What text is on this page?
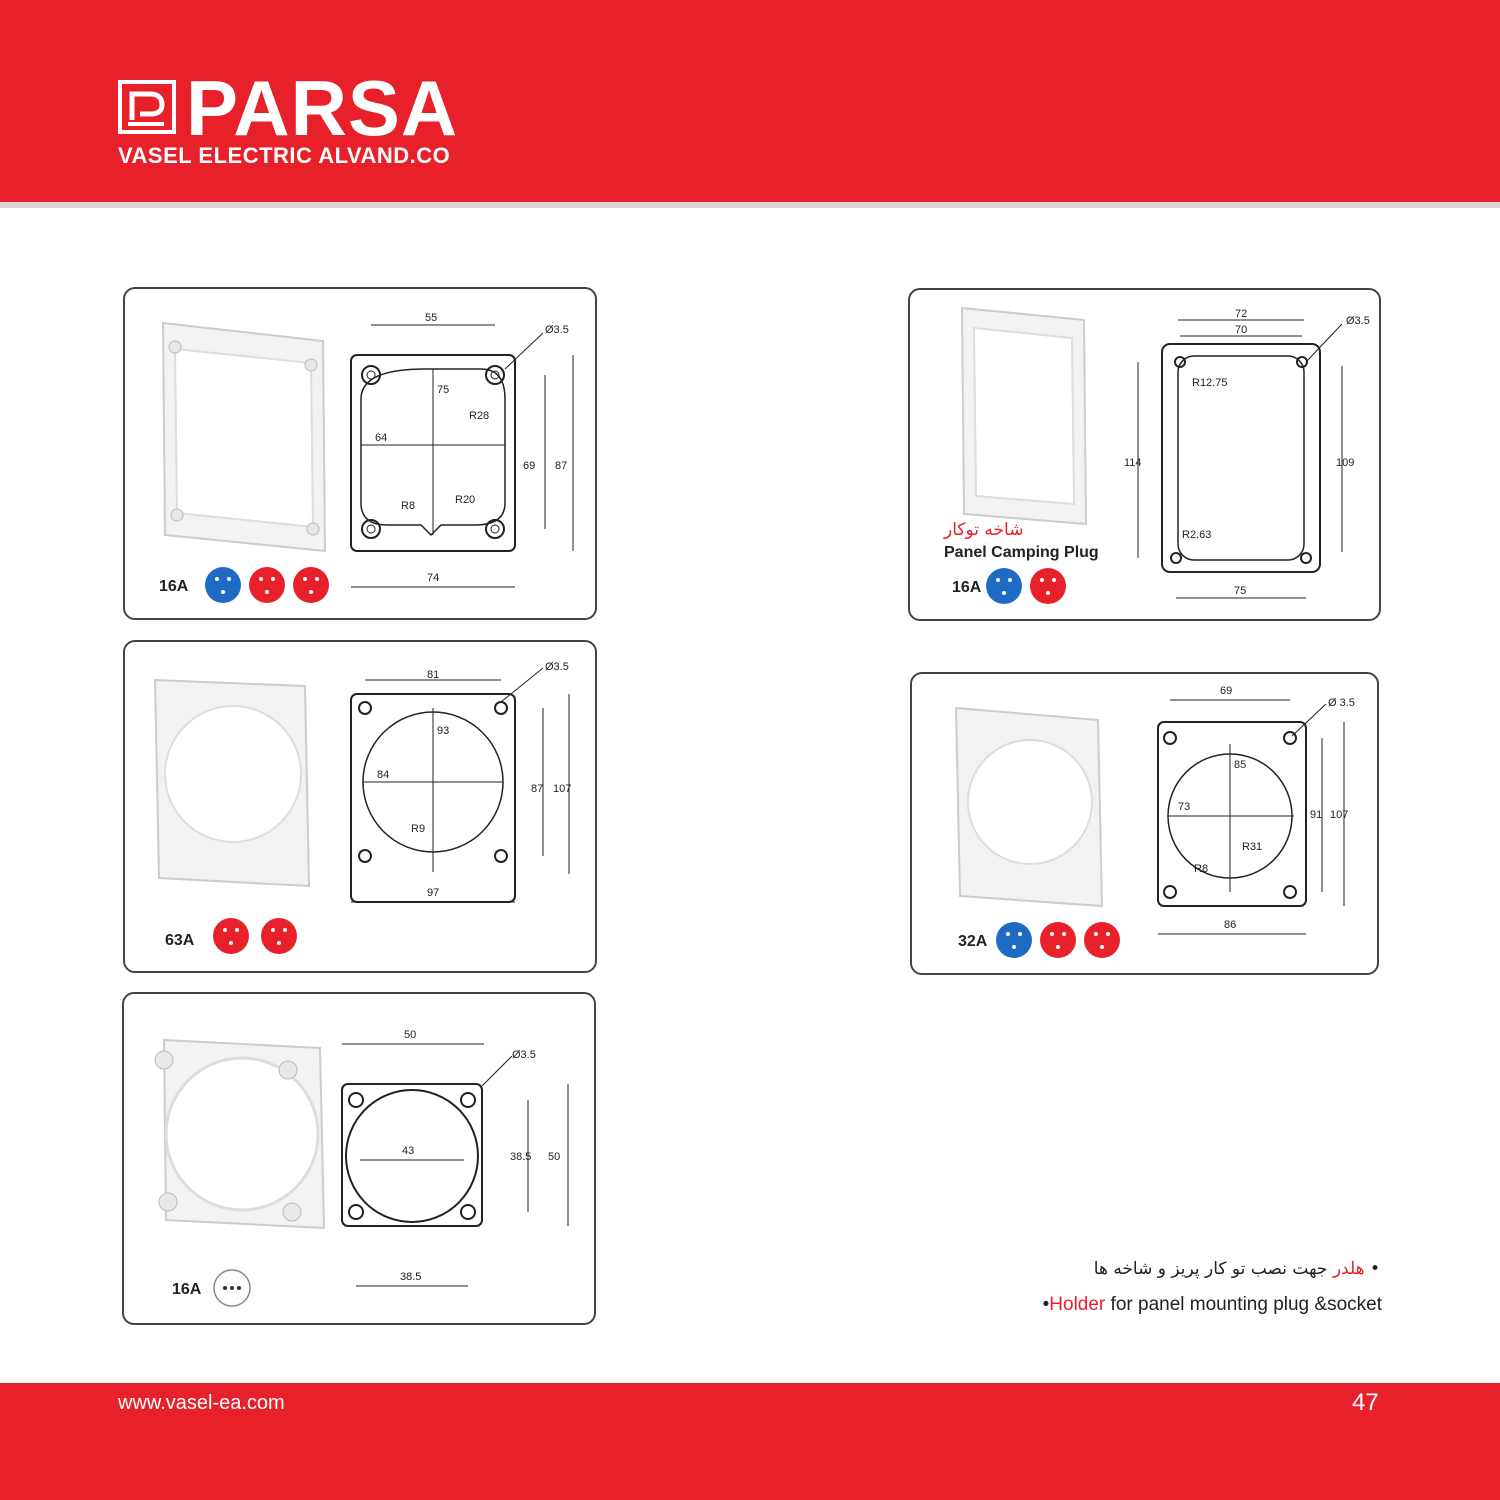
PARSA
VASEL ELECTRIC ALVAND.CO
55
Ø3.5
75
R28
64
69 87
R8	R20
74
16A
72
70
Ø3.5
R12.75
114	109
R2.63
75
شاخه توکار
Panel Camping Plug
16A
81
Ø3.5
93
84
87 107
R9
97
63A
69
Ø 3.5
85
73
91 107
R31
R8
86
32A
50
Ø3.5
43	38.5 50
38.5
16A
• هلدر جهت نصب تو کار پریز و شاخه ها
•Holder for panel mounting plug &socket
www.vasel-ea.com	47
